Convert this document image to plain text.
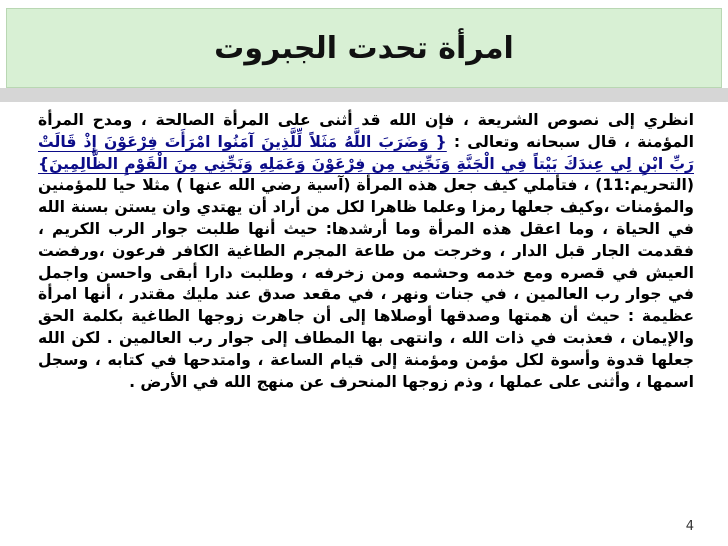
امرأة تحدت الجبروت
انظري إلى نصوص الشريعة ، فإن الله قد أثنى على المرأة الصالحة ، ومدح المرأة المؤمنة ، قال سبحانه وتعالى : { وَضَرَبَ اللَّهُ مَثَلاً لِّلَّذِينَ آمَنُوا امْرَأَتَ فِرْعَوْنَ إِذْ قَالَتْ رَبِّ ابْنِ لِي عِندَكَ بَيْتاً فِي الْجَنَّةِ وَنَجِّنِي مِن فِرْعَوْنَ وَعَمَلِهِ وَنَجِّنِي مِنَ الْقَوْمِ الظَّالِمِينَ} (التحريم:11) ، فتأملي كيف جعل هذه المرأة (آسية رضي الله عنها ) مثلا حيا للمؤمنين والمؤمنات ،وكيف جعلها رمزا وعلما ظاهرا لكل من أراد أن يهتدي وان يستن بسنة الله في الحياة ، وما اعقل هذه المرأة وما أرشدها: حيث أنها طلبت جوار الرب الكريم ، فقدمت الجار قبل الدار ، وخرجت من طاعة المجرم الطاغية الكافر فرعون ،ورفضت العيش في قصره ومع خدمه وحشمه ومن زخرفه ، وطلبت دارا أبقى واحسن واجمل في جوار رب العالمين ، في جنات ونهر ، في مقعد صدق عند مليك مقتدر ، أنها امرأة عظيمة : حيث أن همتها وصدقها أوصلاها إلى أن جاهرت زوجها الطاغية بكلمة الحق والإيمان ، فعذبت في ذات الله ، وانتهى بها المطاف إلى جوار رب العالمين . لكن الله جعلها قدوة وأسوة لكل مؤمن ومؤمنة إلى قيام الساعة ، وامتدحها في كتابه ، وسجل اسمها ، وأثنى على عملها ، وذم زوجها المنحرف عن منهج الله في الأرض .
4
